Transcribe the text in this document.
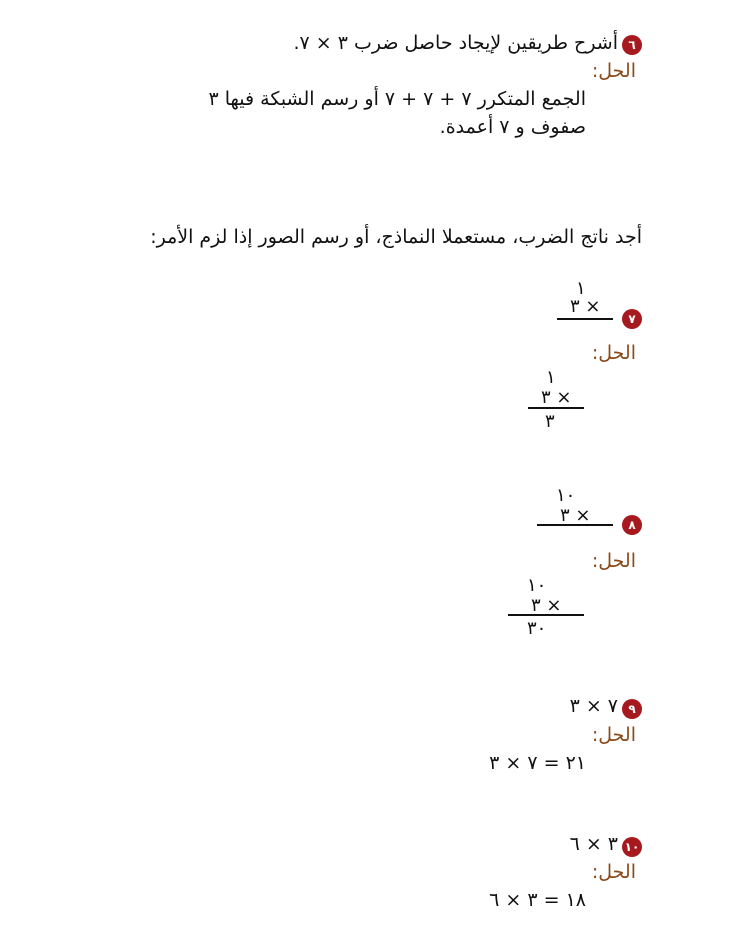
٦
أشرح طريقين لإيجاد حاصل ضرب ٣ × ٧.
الحل:
الجمع المتكرر ٧ + ٧ + ٧ أو رسم الشبكة فيها ٣
صفوف و ٧ أعمدة.
أجد ناتج الضرب، مستعملا النماذج، أو رسم الصور إذا لزم الأمر:
١
٣ ×
٧
الحل:
١
٣ ×
٣
١٠
٣ ×	٨
الحل:
١٠
٣ ×
٣٠
٧ × ٣ ٩
الحل:
٢١ = ٧ × ٣
٣ × ٦ ١٠
الحل:
١٨ = ٣ × ٦
